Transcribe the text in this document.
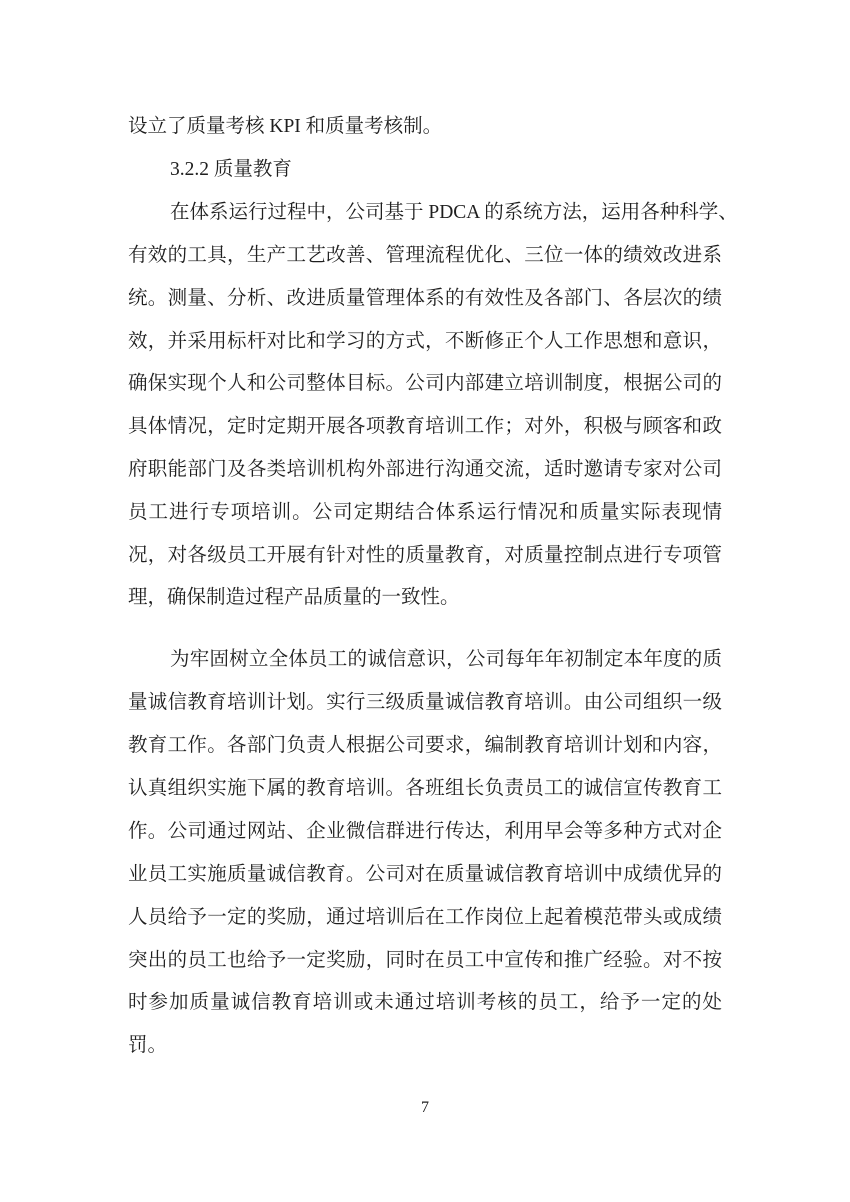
设立了质量考核 KPI 和质量考核制。
3.2.2 质量教育
在体系运行过程中，公司基于 PDCA 的系统方法，运用各种科学、
有效的工具，生产工艺改善、管理流程优化、三位一体的绩效改进系
统。测量、分析、改进质量管理体系的有效性及各部门、各层次的绩
效，并采用标杆对比和学习的方式，不断修正个人工作思想和意识，
确保实现个人和公司整体目标。公司内部建立培训制度，根据公司的
具体情况，定时定期开展各项教育培训工作；对外，积极与顾客和政
府职能部门及各类培训机构外部进行沟通交流，适时邀请专家对公司
员工进行专项培训。公司定期结合体系运行情况和质量实际表现情
况，对各级员工开展有针对性的质量教育，对质量控制点进行专项管
理，确保制造过程产品质量的一致性。
为牢固树立全体员工的诚信意识，公司每年年初制定本年度的质
量诚信教育培训计划。实行三级质量诚信教育培训。由公司组织一级
教育工作。各部门负责人根据公司要求，编制教育培训计划和内容，
认真组织实施下属的教育培训。各班组长负责员工的诚信宣传教育工
作。公司通过网站、企业微信群进行传达，利用早会等多种方式对企
业员工实施质量诚信教育。公司对在质量诚信教育培训中成绩优异的
人员给予一定的奖励，通过培训后在工作岗位上起着模范带头或成绩
突出的员工也给予一定奖励，同时在员工中宣传和推广经验。对不按
时参加质量诚信教育培训或未通过培训考核的员工，给予一定的处
罚。
7
